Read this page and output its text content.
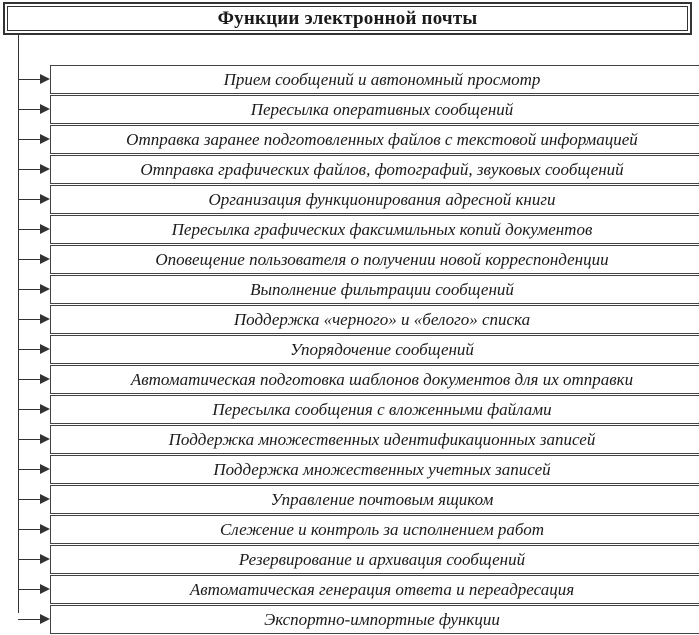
Функции электронной почты
Прием сообщений и автономный просмотр
Пересылка оперативных сообщений
Отправка заранее подготовленных файлов с текстовой информацией
Отправка графических файлов, фотографий, звуковых сообщений
Организация функционирования адресной книги
Пересылка графических факсимильных копий документов
Оповещение пользователя о получении новой корреспонденции
Выполнение фильтрации сообщений
Поддержка «черного» и «белого» списка
Упорядочение сообщений
Автоматическая подготовка шаблонов документов для их отправки
Пересылка сообщения с вложенными файлами
Поддержка множественных идентификационных записей
Поддержка множественных учетных записей
Управление почтовым ящиком
Слежение и контроль за исполнением работ
Резервирование и архивация сообщений
Автоматическая генерация ответа и переадресация
Экспортно-импортные функции
